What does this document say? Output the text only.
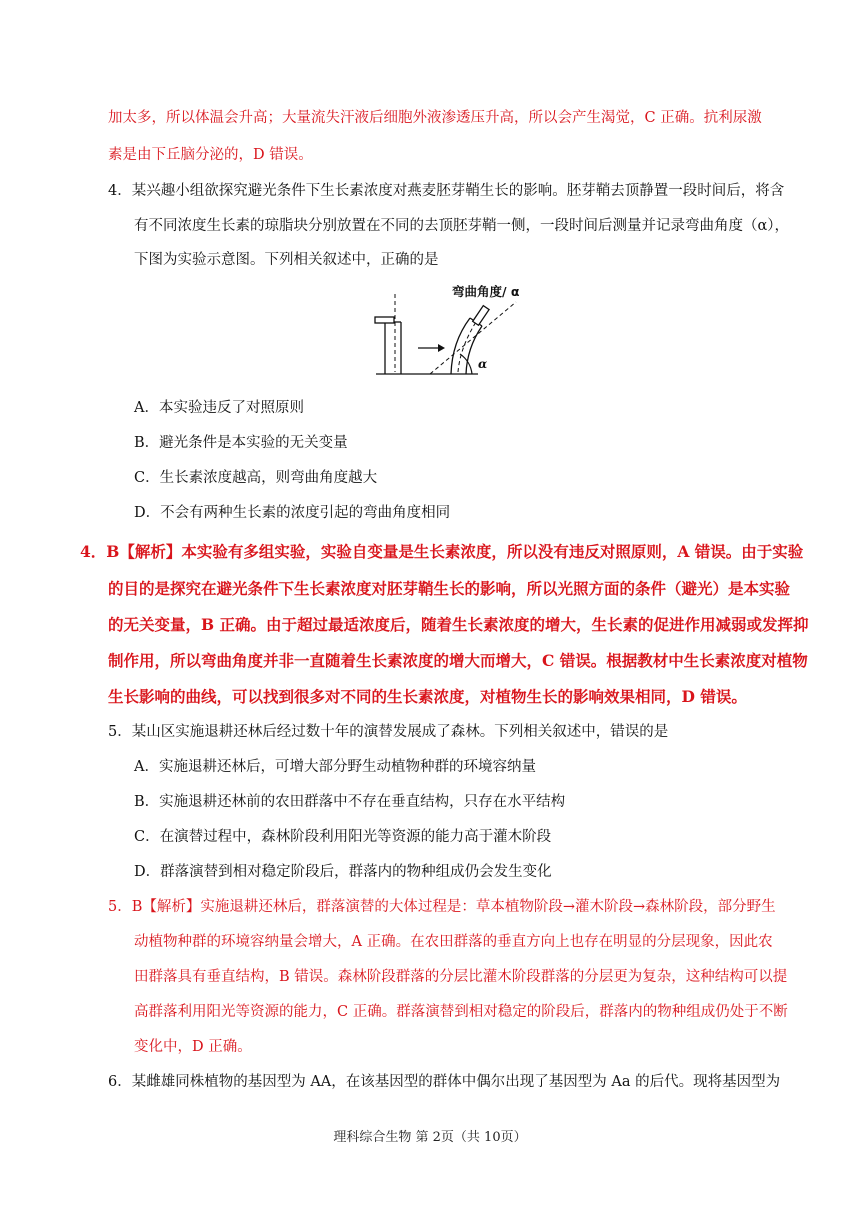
加太多，所以体温会升高；大量流失汗液后细胞外液渗透压升高，所以会产生渴觉，C 正确。抗利尿激
素是由下丘脑分泌的，D 错误。
4．某兴趣小组欲探究避光条件下生长素浓度对燕麦胚芽鞘生长的影响。胚芽鞘去顶静置一段时间后，将含
有不同浓度生长素的琼脂块分别放置在不同的去顶胚芽鞘一侧，一段时间后测量并记录弯曲角度（α），
下图为实验示意图。下列相关叙述中，正确的是
弯曲角度/ α
α
A．本实验违反了对照原则
B．避光条件是本实验的无关变量
C．生长素浓度越高，则弯曲角度越大
D．不会有两种生长素的浓度引起的弯曲角度相同
4．B【解析】本实验有多组实验，实验自变量是生长素浓度，所以没有违反对照原则，A 错误。由于实验
的目的是探究在避光条件下生长素浓度对胚芽鞘生长的影响，所以光照方面的条件（避光）是本实验
的无关变量，B 正确。由于超过最适浓度后，随着生长素浓度的增大，生长素的促进作用减弱或发挥抑
制作用，所以弯曲角度并非一直随着生长素浓度的增大而增大，C 错误。根据教材中生长素浓度对植物
生长影响的曲线，可以找到很多对不同的生长素浓度，对植物生长的影响效果相同，D 错误。
5．某山区实施退耕还林后经过数十年的演替发展成了森林。下列相关叙述中，错误的是
A．实施退耕还林后，可增大部分野生动植物种群的环境容纳量
B．实施退耕还林前的农田群落中不存在垂直结构，只存在水平结构
C．在演替过程中，森林阶段利用阳光等资源的能力高于灌木阶段
D．群落演替到相对稳定阶段后，群落内的物种组成仍会发生变化
5．B【解析】实施退耕还林后，群落演替的大体过程是：草本植物阶段→灌木阶段→森林阶段，部分野生
动植物种群的环境容纳量会增大，A 正确。在农田群落的垂直方向上也存在明显的分层现象，因此农
田群落具有垂直结构，B 错误。森林阶段群落的分层比灌木阶段群落的分层更为复杂，这种结构可以提
高群落利用阳光等资源的能力，C 正确。群落演替到相对稳定的阶段后，群落内的物种组成仍处于不断
变化中，D 正确。
6．某雌雄同株植物的基因型为 AA，在该基因型的群体中偶尔出现了基因型为 Aa 的后代。现将基因型为
理科综合生物 第 2页（共 10页）
